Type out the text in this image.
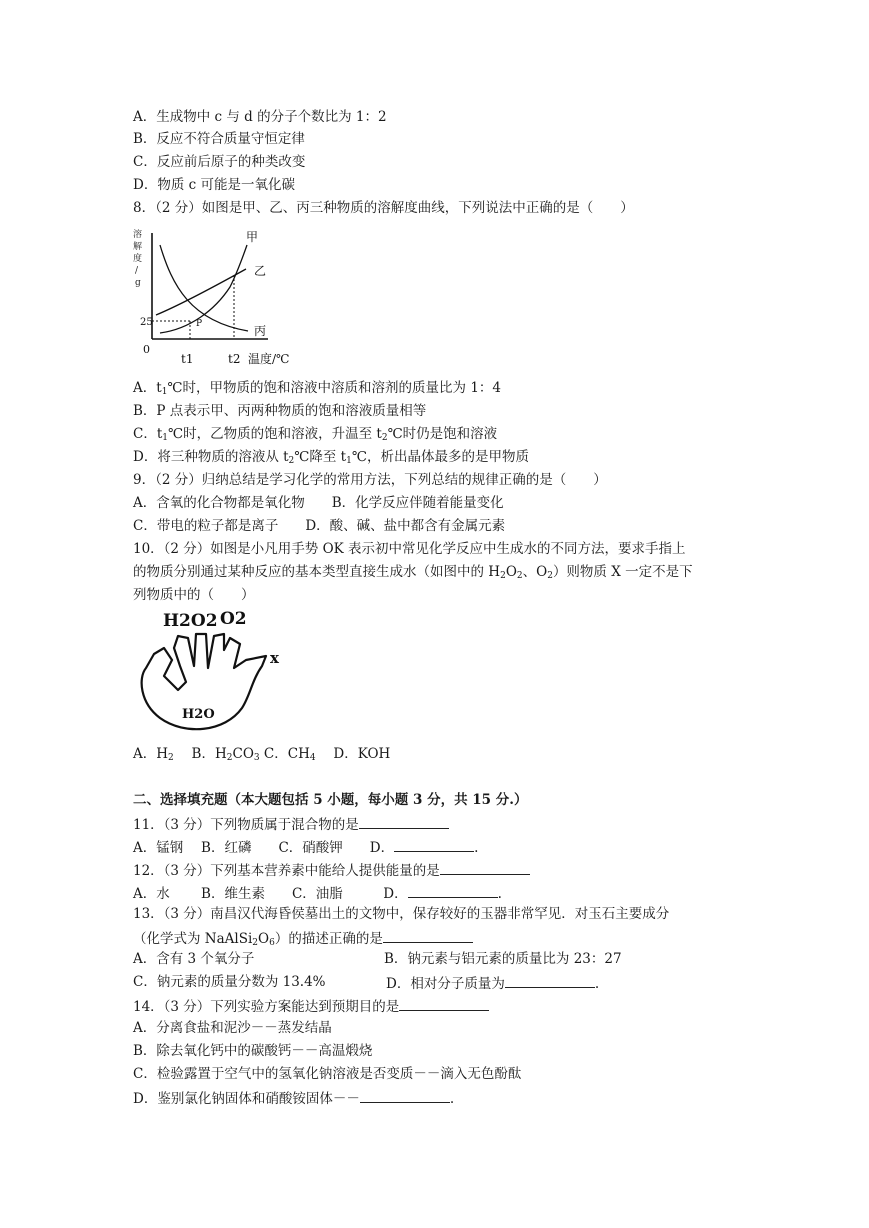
A．生成物中 c 与 d 的分子个数比为 1：2
B．反应不符合质量守恒定律
C．反应前后原子的种类改变
D．物质 c 可能是一氧化碳
8．（2 分）如图是甲、乙、丙三种物质的溶解度曲线，下列说法中正确的是（　　）
溶
解
度
/
g
甲
乙
丙
P
25
0
t1	t2 温度/℃
A．$t_1℃$时，甲物质的饱和溶液中溶质和溶剂的质量比为 1：4
B．P 点表示甲、丙两种物质的饱和溶液质量相等
C．$t_1℃$时，乙物质的饱和溶液，升温至 $t_2℃$时仍是饱和溶液
D．将三种物质的溶液从 $t_2℃$降至 $t_1℃$，析出晶体最多的是甲物质
9．（2 分）归纳总结是学习化学的常用方法，下列总结的规律正确的是（　　）
A．含氧的化合物都是氧化物　　B．化学反应伴随着能量变化
C．带电的粒子都是离子　　D．酸、碱、盐中都含有金属元素
10．（2 分）如图是小凡用手势 OK 表示初中常见化学反应中生成水的不同方法，要求手指上
的物质分别通过某种反应的基本类型直接生成水（如图中的 $H_2O_2$、$O_2$）则物质 X 一定不是下
列物质中的（　　）
H2O2 O2
x
H2O
A．$H_2$　 B．$H_2CO_3$ C．$CH_4$　 D．KOH
二、选择填充题（本大题包括 5 小题，每小题 3 分，共 15 分.）
11．（3 分）下列物质属于混合物的是
A．锰钢　 B．红磷　　C．硝酸钾　　D．	.
12．（3 分）下列基本营养素中能给人提供能量的是
A．水　　 B．维生素　　C．油脂　　　D．	.
13．（3 分）南昌汉代海昏侯墓出土的文物中，保存较好的玉器非常罕见．对玉石主要成分
（化学式为 $NaAlSi_2O_6$）的描述正确的是
A．含有 3 个氧分子	B．钠元素与铝元素的质量比为 23：27
C．钠元素的质量分数为 13.4%	D．相对分子质量为	.
14．（3 分）下列实验方案能达到预期目的是
A．分离食盐和泥沙－－蒸发结晶
B．除去氧化钙中的碳酸钙－－高温煅烧
C．检验露置于空气中的氢氧化钠溶液是否变质－－滴入无色酚酞
D．鉴别氯化钠固体和硝酸铵固体－－	.
